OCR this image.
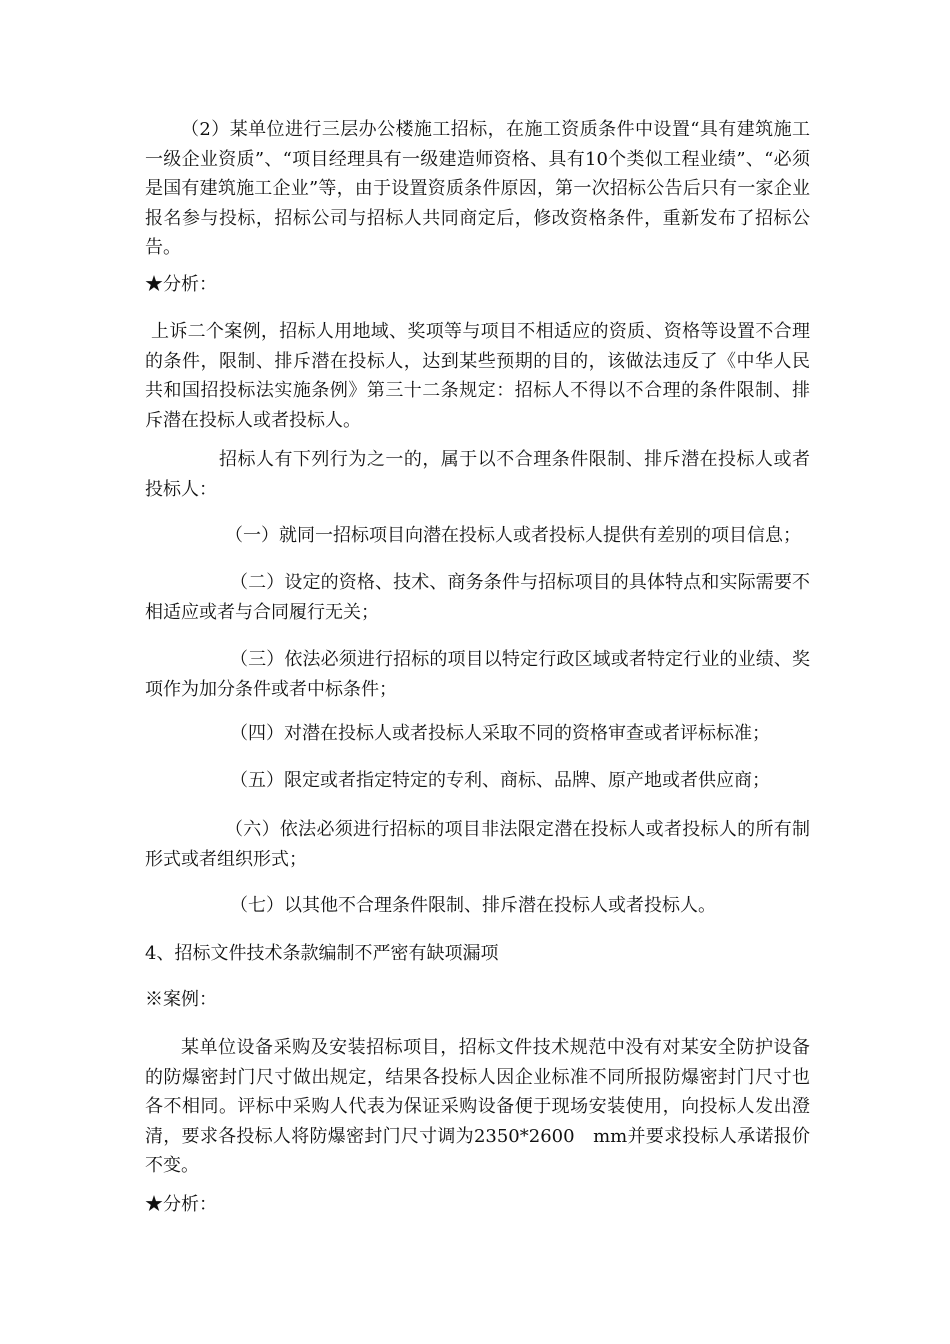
（2）某单位进行三层办公楼施工招标，在施工资质条件中设置“具有建筑施工一级企业资质”、“项目经理具有一级建造师资格、具有10个类似工程业绩”、“必须是国有建筑施工企业”等，由于设置资质条件原因，第一次招标公告后只有一家企业报名参与投标，招标公司与招标人共同商定后，修改资格条件，重新发布了招标公告。

★分析：

上诉二个案例，招标人用地域、奖项等与项目不相适应的资质、资格等设置不合理的条件，限制、排斥潜在投标人，达到某些预期的目的，该做法违反了《中华人民共和国招投标法实施条例》第三十二条规定：招标人不得以不合理的条件限制、排斥潜在投标人或者投标人。

招标人有下列行为之一的，属于以不合理条件限制、排斥潜在投标人或者投标人：

（一）就同一招标项目向潜在投标人或者投标人提供有差别的项目信息；

（二）设定的资格、技术、商务条件与招标项目的具体特点和实际需要不相适应或者与合同履行无关；

（三）依法必须进行招标的项目以特定行政区域或者特定行业的业绩、奖项作为加分条件或者中标条件；

（四）对潜在投标人或者投标人采取不同的资格审查或者评标标准；

（五）限定或者指定特定的专利、商标、品牌、原产地或者供应商；

（六）依法必须进行招标的项目非法限定潜在投标人或者投标人的所有制形式或者组织形式；

（七）以其他不合理条件限制、排斥潜在投标人或者投标人。

4、招标文件技术条款编制不严密有缺项漏项

※案例：

某单位设备采购及安装招标项目，招标文件技术规范中没有对某安全防护设备的防爆密封门尺寸做出规定，结果各投标人因企业标准不同所报防爆密封门尺寸也各不相同。评标中采购人代表为保证采购设备便于现场安装使用，向投标人发出澄清，要求各投标人将防爆密封门尺寸调为2350*2600　mm并要求投标人承诺报价不变。

★分析：
